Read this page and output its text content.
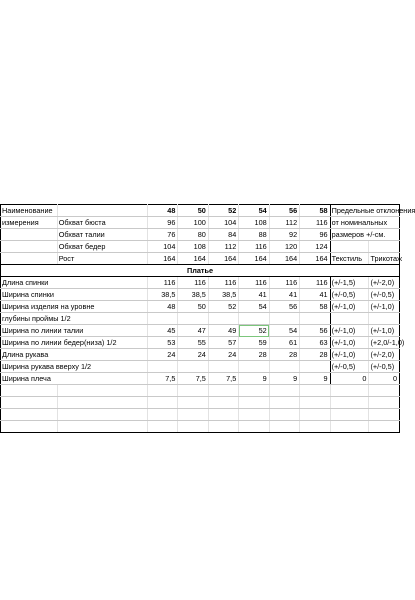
Наименование		48	50	52	54	56	58	Предельные отклонения	
измерения	Обхват бюста	96	100	104	108	112	116	от номинальных	
	Обхват талии	76	80	84	88	92	96	размеров +/-см.	
	Обхват бедер	104	108	112	116	120	124		
	Рост	164	164	164	164	164	164	Текстиль	Трикотаж
Платье									
Длина спинки		116	116	116	116	116	116	(+/-1,5)	(+/-2,0)
Ширина спинки		38,5	38,5	38,5	41	41	41	(+/-0,5)	(+/-0,5)
Ширина изделия на уровне		48	50	52	54	56	58	(+/-1,0)	(+/-1,0)
глубины проймы 1/2									
Ширина по линии талии		45	47	49	52	54	56	(+/-1,0)	(+/-1,0)
Ширина по линии бедер(низа) 1/2		53	55	57	59	61	63	(+/-1,0)	(+2,0/-1,0)
Длина рукава		24	24	24	28	28	28	(+/-1,0)	(+/-2,0)
Ширина рукава вверху 1/2								(+/-0,5)	(+/-0,5)
Ширина плеча		7,5	7,5	7,5	9	9	9	0	0
